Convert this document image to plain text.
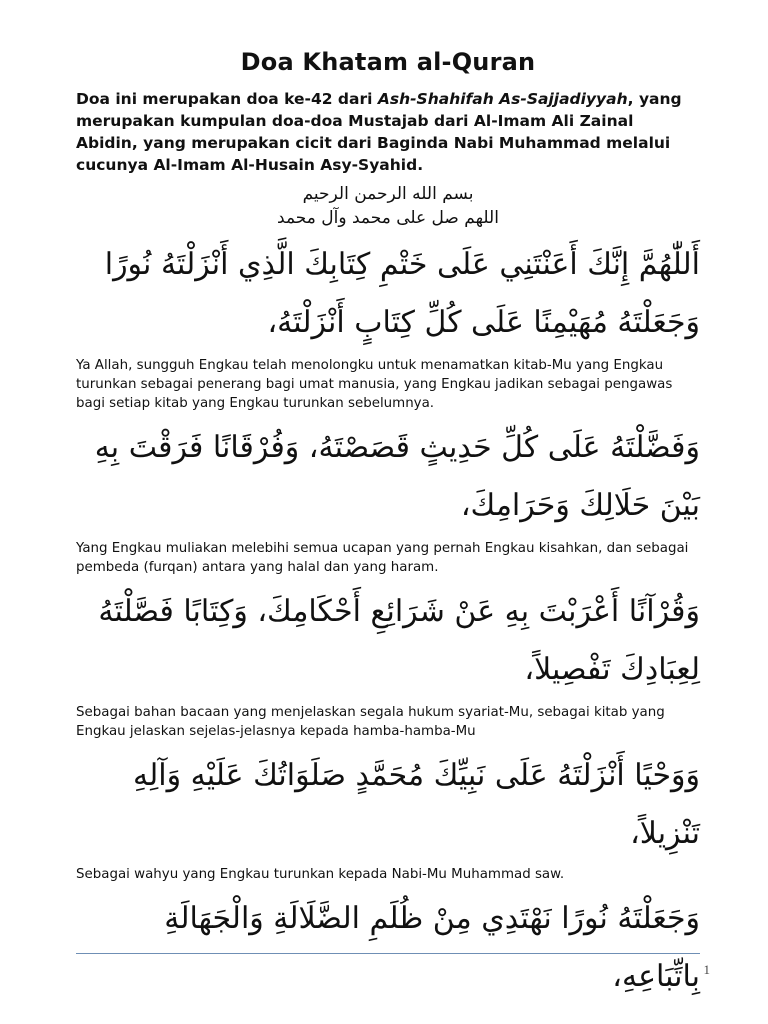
Doa Khatam al-Quran

Doa ini merupakan doa ke-42 dari Ash-Shahifah As-Sajjadiyyah, yang merupakan kumpulan doa-doa Mustajab dari Al-Imam Ali Zainal Abidin, yang merupakan cicit dari Baginda Nabi Muhammad melalui cucunya Al-Imam Al-Husain Asy-Syahid.

بسم الله الرحمن الرحيم
اللهم صل على محمد وآل محمد

أَللّٰهُمَّ إِنَّكَ أَعَنْتَنِي عَلَى خَتْمِ كِتَابِكَ الَّذِي أَنْزَلْتَهُ نُورًا وَجَعَلْتَهُ مُهَيْمِنًا عَلَى كُلِّ كِتَابٍ أَنْزَلْتَهُ،

Ya Allah, sungguh Engkau telah menolongku untuk menamatkan kitab-Mu yang Engkau turunkan sebagai penerang bagi umat manusia, yang Engkau jadikan sebagai pengawas bagi setiap kitab yang Engkau turunkan sebelumnya.

وَفَضَّلْتَهُ عَلَى كُلِّ حَدِيثٍ قَصَصْتَهُ، وَفُرْقَانًا فَرَقْتَ بِهِ بَيْنَ حَلَالِكَ وَحَرَامِكَ،

Yang Engkau muliakan melebihi semua ucapan yang pernah Engkau kisahkan, dan sebagai pembeda (furqan) antara yang halal dan yang haram.

وَقُرْآنًا أَعْرَبْتَ بِهِ عَنْ شَرَائِعِ أَحْكَامِكَ، وَكِتَابًا فَصَّلْتَهُ لِعِبَادِكَ تَفْصِيلاً،

Sebagai bahan bacaan yang menjelaskan segala hukum syariat-Mu, sebagai kitab yang Engkau jelaskan sejelas-jelasnya kepada hamba-hamba-Mu

وَوَحْيًا أَنْزَلْتَهُ عَلَى نَبِيِّكَ مُحَمَّدٍ صَلَوَاتُكَ عَلَيْهِ وَآلِهِ تَنْزِيلاً،

Sebagai wahyu yang Engkau turunkan kepada Nabi-Mu Muhammad saw.

وَجَعَلْتَهُ نُورًا نَهْتَدِي مِنْ ظُلَمِ الضَّلَالَةِ وَالْجَهَالَةِ بِاتِّبَاعِهِ، 1
